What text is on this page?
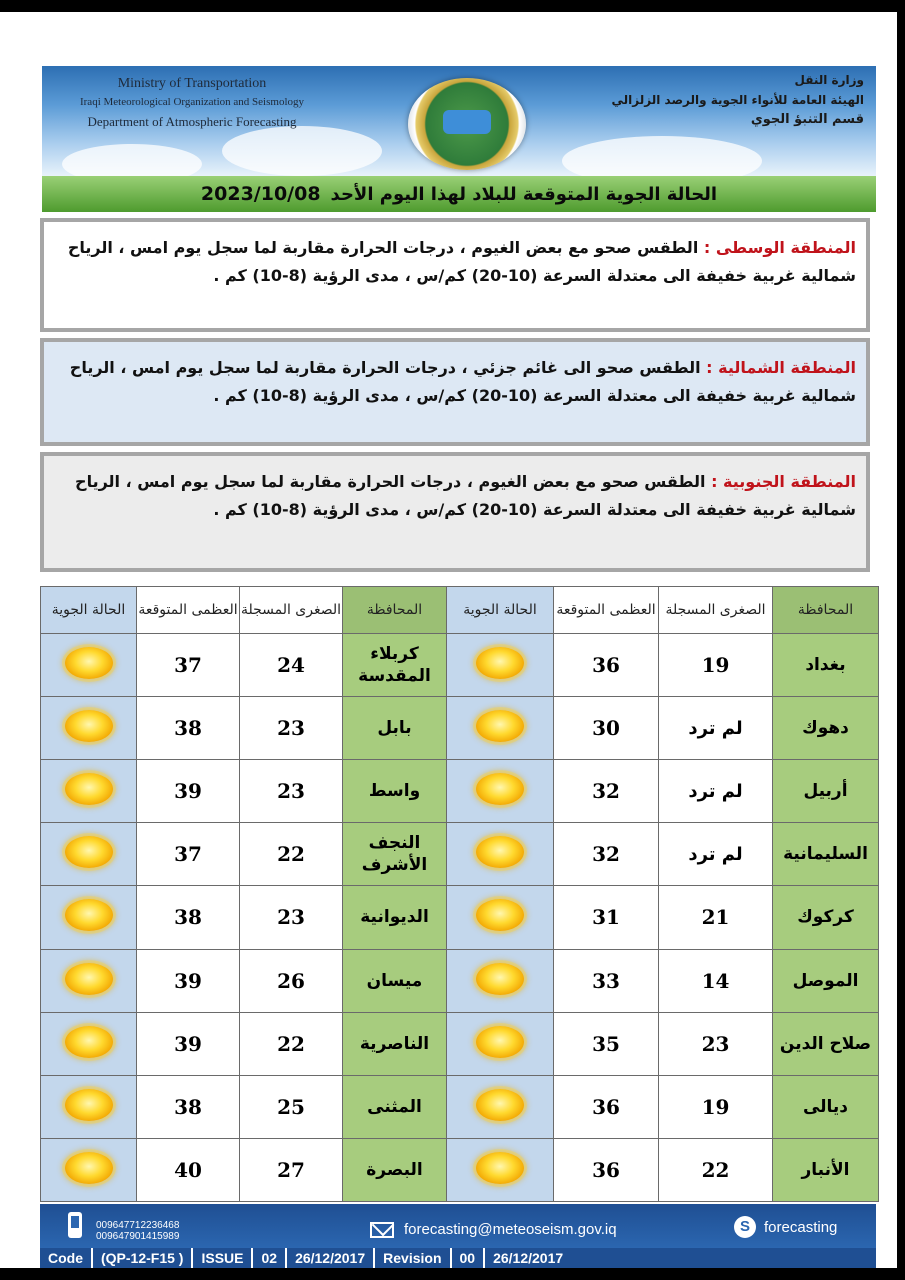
Ministry of Transportation
Iraqi Meteorological Organization and Seismology
Department of Atmospheric Forecasting
وزارة النقل
الهيئة العامة للأنواء الجوية والرصد الزلزالي
قسم التنبؤ الجوي
الحالة الجوية المتوقعة للبلاد لهذا اليوم الأحد
2023/10/08
المنطقة الوسطى : الطقس صحو مع بعض الغيوم ، درجات الحرارة مقاربة لما سجل يوم امس ، الرياح شمالية غربية خفيفة الى معتدلة السرعة (10-20) كم/س ، مدى الرؤية (8-10) كم .
المنطقة الشمالية : الطقس صحو الى غائم جزئي ، درجات الحرارة مقاربة لما سجل يوم امس ، الرياح شمالية غربية خفيفة الى معتدلة السرعة (10-20) كم/س ، مدى الرؤية (8-10) كم .
المنطقة الجنوبية : الطقس صحو مع بعض الغيوم ، درجات الحرارة مقاربة لما سجل يوم امس ، الرياح شمالية غربية خفيفة الى معتدلة السرعة (10-20) كم/س ، مدى الرؤية (8-10) كم .
المحافظة	الصغرى المسجلة	العظمى المتوقعة	الحالة الجوية	المحافظة	الصغرى المسجلة	العظمى المتوقعة	الحالة الجوية
بغداد	19	36		كربلاء المقدسة	24	37	
دهوك	لم ترد	30		بابل	23	38	
أربيل	لم ترد	32		واسط	23	39	
السليمانية	لم ترد	32		النجف الأشرف	22	37	
كركوك	21	31		الديوانية	23	38	
الموصل	14	33		ميسان	26	39	
صلاح الدين	23	35		الناصرية	22	39	
ديالى	19	36		المثنى	25	38	
الأنبار	22	36		البصرة	27	40	
009647712236468
009647901415989	forecasting@meteoseism.gov.iq	S forecasting
Code	(QP-12-F15 )	ISSUE	02	26/12/2017	Revision	00	26/12/2017
